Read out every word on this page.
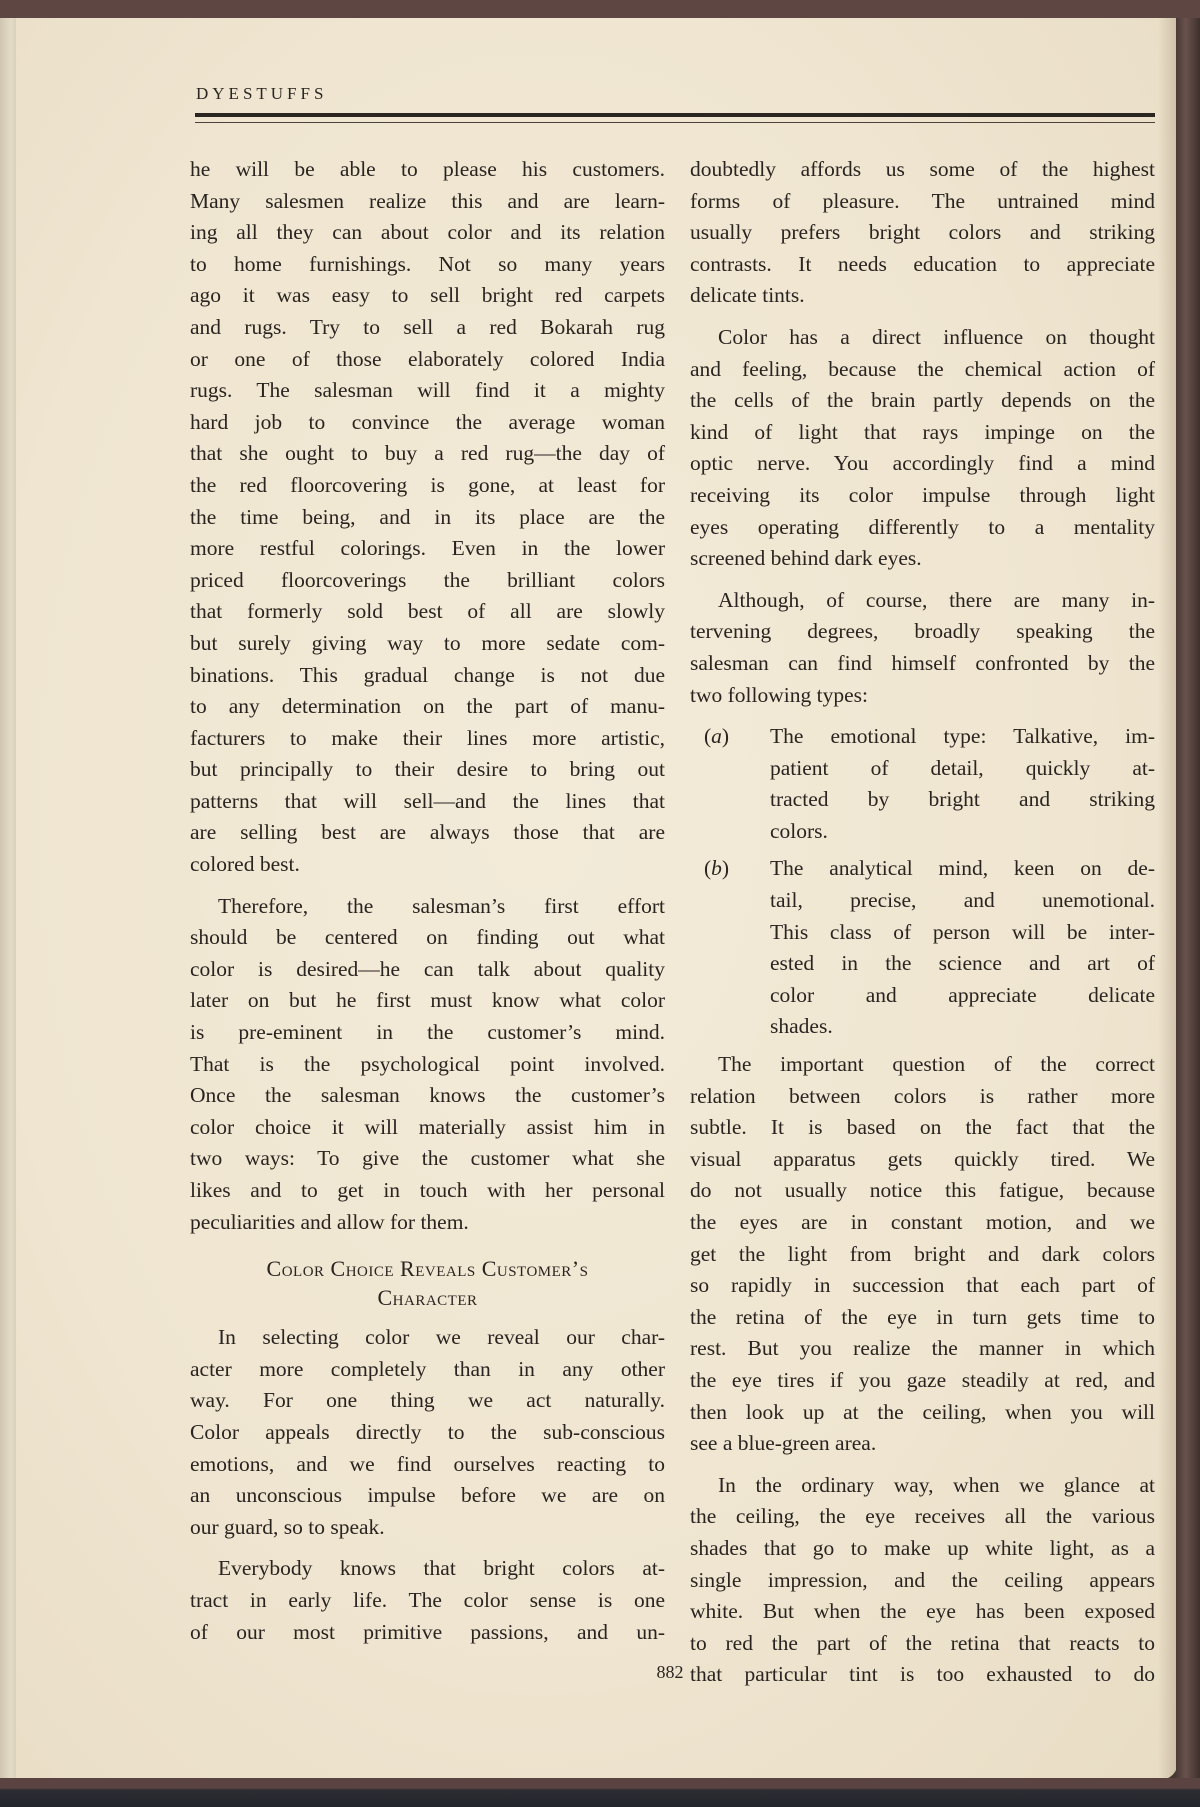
DYESTUFFS
he will be able to please his customers.
Many salesmen realize this and are learn-
ing all they can about color and its relation
to home furnishings. Not so many years
ago it was easy to sell bright red carpets
and rugs. Try to sell a red Bokarah rug
or one of those elaborately colored India
rugs. The salesman will find it a mighty
hard job to convince the average woman
that she ought to buy a red rug—the day of
the red floorcovering is gone, at least for
the time being, and in its place are the
more restful colorings. Even in the lower
priced floorcoverings the brilliant colors
that formerly sold best of all are slowly
but surely giving way to more sedate com-
binations. This gradual change is not due
to any determination on the part of manu-
facturers to make their lines more artistic,
but principally to their desire to bring out
patterns that will sell—and the lines that
are selling best are always those that are
colored best.
Therefore, the salesman’s first effort
should be centered on finding out what
color is desired—he can talk about quality
later on but he first must know what color
is pre-eminent in the customer’s mind.
That is the psychological point involved.
Once the salesman knows the customer’s
color choice it will materially assist him in
two ways: To give the customer what she
likes and to get in touch with her personal
peculiarities and allow for them.
Color Choice Reveals Customer’s
Character
In selecting color we reveal our char-
acter more completely than in any other
way. For one thing we act naturally.
Color appeals directly to the sub-conscious
emotions, and we find ourselves reacting to
an unconscious impulse before we are on
our guard, so to speak.
Everybody knows that bright colors at-
tract in early life. The color sense is one
of our most primitive passions, and un-
doubtedly affords us some of the highest
forms of pleasure. The untrained mind
usually prefers bright colors and striking
contrasts. It needs education to appreciate
delicate tints.
Color has a direct influence on thought
and feeling, because the chemical action of
the cells of the brain partly depends on the
kind of light that rays impinge on the
optic nerve. You accordingly find a mind
receiving its color impulse through light
eyes operating differently to a mentality
screened behind dark eyes.
Although, of course, there are many in-
tervening degrees, broadly speaking the
salesman can find himself confronted by the
two following types:
(a)	The emotional type: Talkative, im-
patient of detail, quickly at-
tracted by bright and striking
colors.
(b)	The analytical mind, keen on de-
tail, precise, and unemotional.
This class of person will be inter-
ested in the science and art of
color and appreciate delicate
shades.
The important question of the correct
relation between colors is rather more
subtle. It is based on the fact that the
visual apparatus gets quickly tired. We
do not usually notice this fatigue, because
the eyes are in constant motion, and we
get the light from bright and dark colors
so rapidly in succession that each part of
the retina of the eye in turn gets time to
rest. But you realize the manner in which
the eye tires if you gaze steadily at red, and
then look up at the ceiling, when you will
see a blue-green area.
In the ordinary way, when we glance at
the ceiling, the eye receives all the various
shades that go to make up white light, as a
single impression, and the ceiling appears
white. But when the eye has been exposed
to red the part of the retina that reacts to
that particular tint is too exhausted to do
882
